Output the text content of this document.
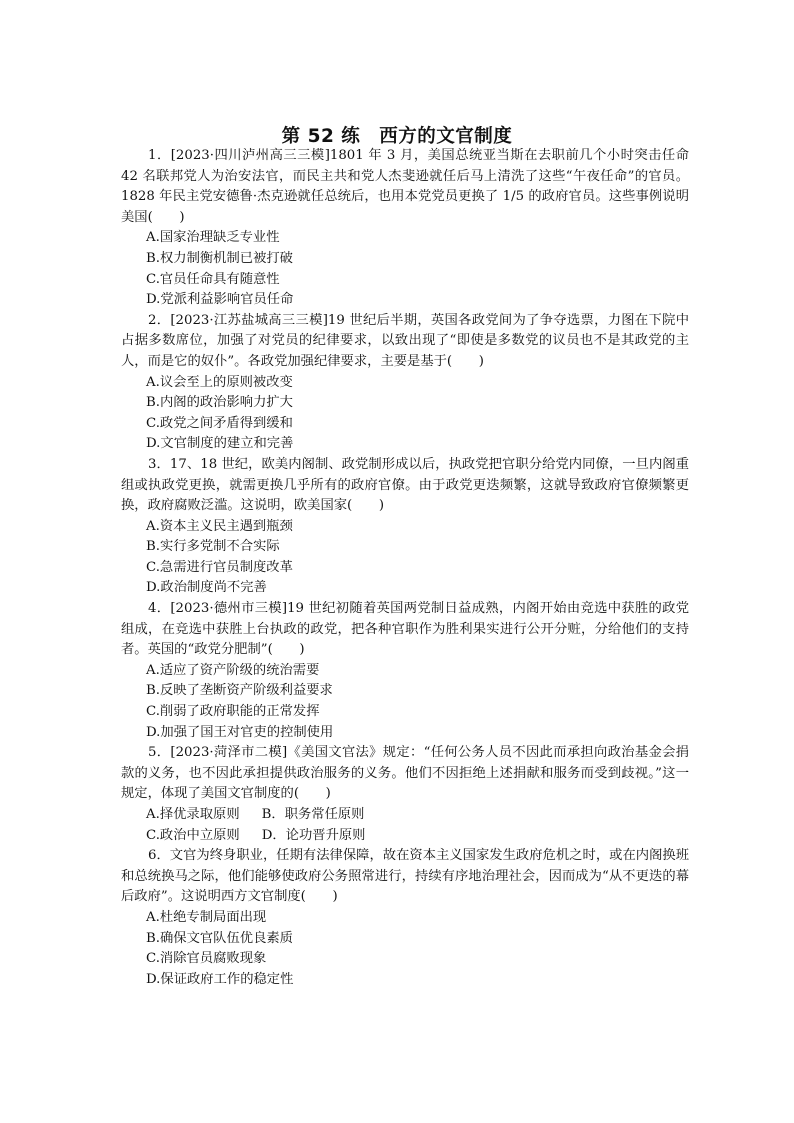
第 52 练　西方的文官制度

1．[2023·四川泸州高三三模]1801 年 3 月，美国总统亚当斯在去职前几个小时突击任命 42 名联邦党人为治安法官，而民主共和党人杰斐逊就任后马上清洗了这些“午夜任命”的官员。1828 年民主党安德鲁·杰克逊就任总统后，也用本党党员更换了 1/5 的政府官员。这些事例说明美国(　　)

A.国家治理缺乏专业性

B.权力制衡机制已被打破

C.官员任命具有随意性

D.党派利益影响官员任命

2．[2023·江苏盐城高三三模]19 世纪后半期，英国各政党间为了争夺选票，力图在下院中占据多数席位，加强了对党员的纪律要求，以致出现了“即使是多数党的议员也不是其政党的主人，而是它的奴仆”。各政党加强纪律要求，主要是基于(　　)

A.议会至上的原则被改变

B.内阁的政治影响力扩大

C.政党之间矛盾得到缓和

D.文官制度的建立和完善

3．17、18 世纪，欧美内阁制、政党制形成以后，执政党把官职分给党内同僚，一旦内阁重组或执政党更换，就需更换几乎所有的政府官僚。由于政党更迭频繁，这就导致政府官僚频繁更换，政府腐败泛滥。这说明，欧美国家(　　)

A.资本主义民主遇到瓶颈

B.实行多党制不合实际

C.急需进行官员制度改革

D.政治制度尚不完善

4．[2023·德州市三模]19 世纪初随着英国两党制日益成熟，内阁开始由竞选中获胜的政党组成，在竞选中获胜上台执政的政党，把各种官职作为胜利果实进行公开分赃，分给他们的支持者。英国的“政党分肥制”(　　)

A.适应了资产阶级的统治需要

B.反映了垄断资产阶级利益要求

C.削弱了政府职能的正常发挥

D.加强了国王对官吏的控制使用

5．[2023·菏泽市二模]《美国文官法》规定：“任何公务人员不因此而承担向政治基金会捐款的义务，也不因此承担提供政治服务的义务。他们不因拒绝上述捐献和服务而受到歧视。”这一规定，体现了美国文官制度的(　　)

A.择优录取原则 B．职务常任原则

C.政治中立原则 D．论功晋升原则

6．文官为终身职业，任期有法律保障，故在资本主义国家发生政府危机之时，或在内阁换班和总统换马之际，他们能够使政府公务照常进行，持续有序地治理社会，因而成为“从不更迭的幕后政府”。这说明西方文官制度(　　)

A.杜绝专制局面出现

B.确保文官队伍优良素质

C.消除官员腐败现象

D.保证政府工作的稳定性
